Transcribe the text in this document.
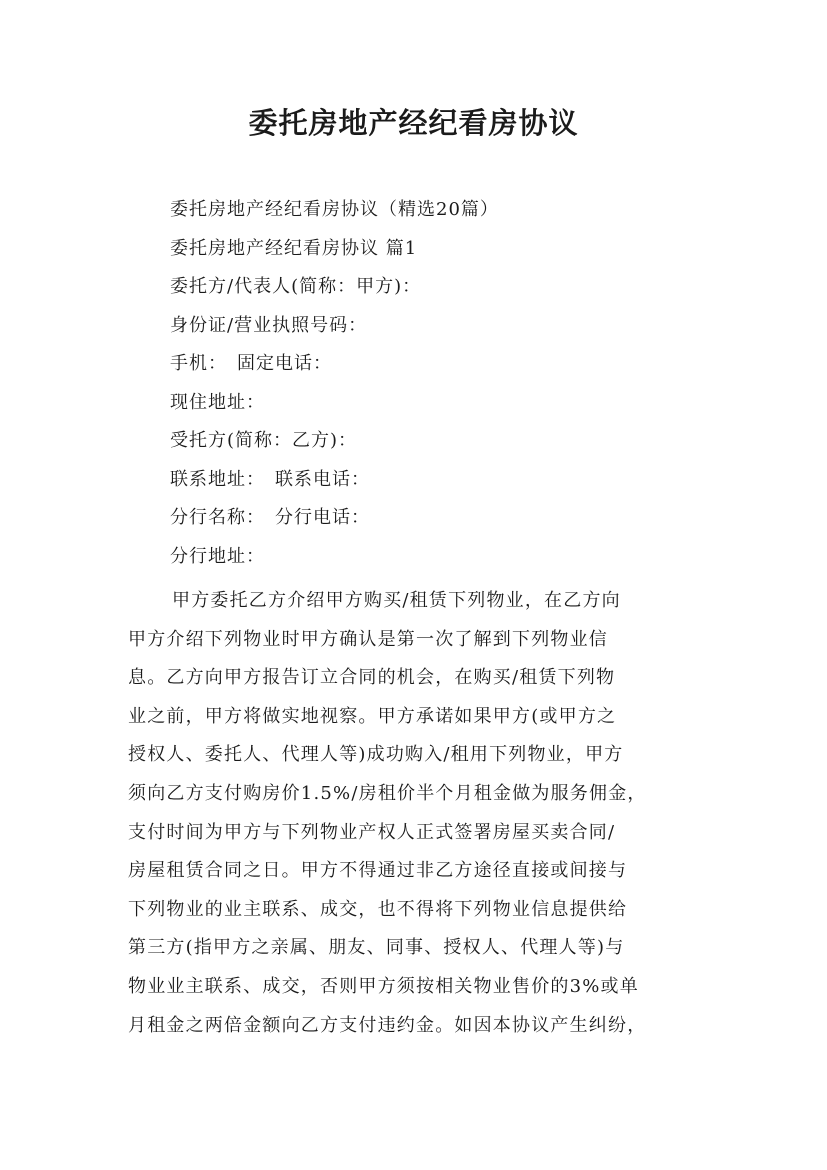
委托房地产经纪看房协议
委托房地产经纪看房协议（精选20篇）
委托房地产经纪看房协议 篇1
委托方/代表人(简称：甲方)：
身份证/营业执照号码：
手机：　固定电话：
现住地址：
受托方(简称：乙方)：
联系地址：　联系电话：
分行名称：　分行电话：
分行地址：
甲方委托乙方介绍甲方购买/租赁下列物业，在乙方向
甲方介绍下列物业时甲方确认是第一次了解到下列物业信
息。乙方向甲方报告订立合同的机会，在购买/租赁下列物
业之前，甲方将做实地视察。甲方承诺如果甲方(或甲方之
授权人、委托人、代理人等)成功购入/租用下列物业，甲方
须向乙方支付购房价1.5%/房租价半个月租金做为服务佣金，
支付时间为甲方与下列物业产权人正式签署房屋买卖合同/
房屋租赁合同之日。甲方不得通过非乙方途径直接或间接与
下列物业的业主联系、成交，也不得将下列物业信息提供给
第三方(指甲方之亲属、朋友、同事、授权人、代理人等)与
物业业主联系、成交，否则甲方须按相关物业售价的3%或单
月租金之两倍金额向乙方支付违约金。如因本协议产生纠纷，
